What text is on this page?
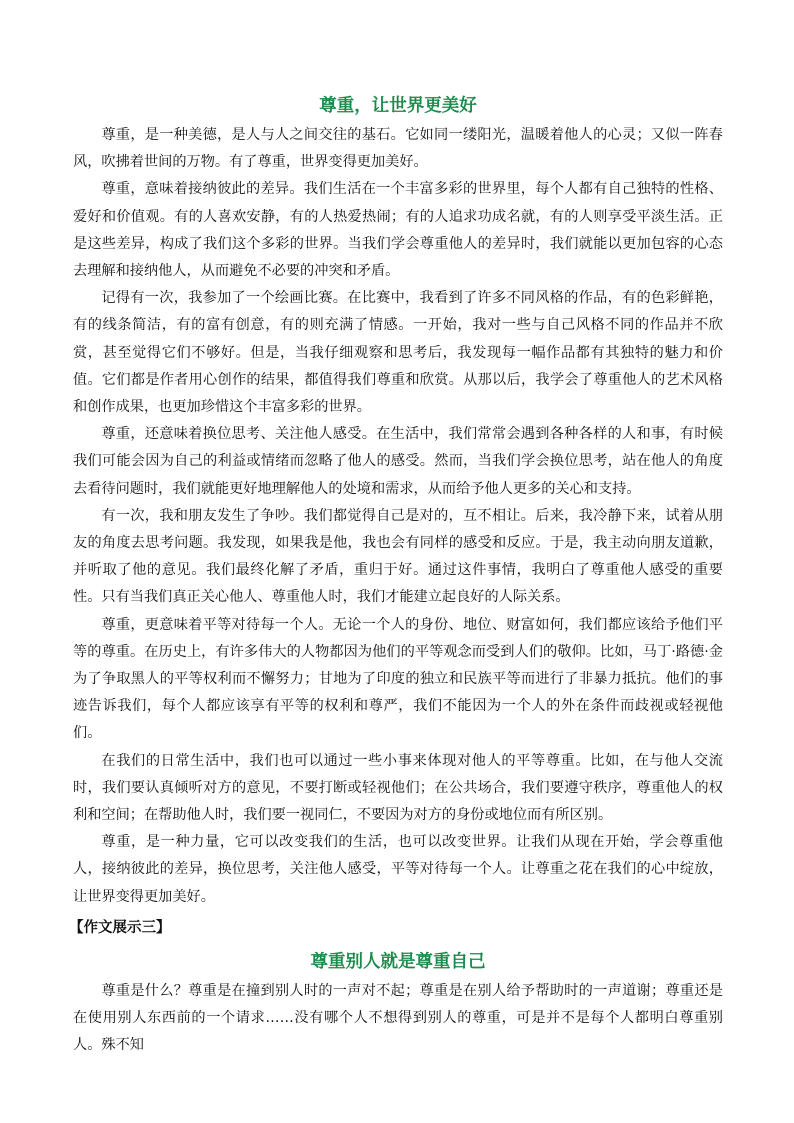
尊重，让世界更美好

尊重，是一种美德，是人与人之间交往的基石。它如同一缕阳光，温暖着他人的心灵；又似一阵春风，吹拂着世间的万物。有了尊重，世界变得更加美好。

尊重，意味着接纳彼此的差异。我们生活在一个丰富多彩的世界里，每个人都有自己独特的性格、爱好和价值观。有的人喜欢安静，有的人热爱热闹；有的人追求功成名就，有的人则享受平淡生活。正是这些差异，构成了我们这个多彩的世界。当我们学会尊重他人的差异时，我们就能以更加包容的心态去理解和接纳他人，从而避免不必要的冲突和矛盾。

记得有一次，我参加了一个绘画比赛。在比赛中，我看到了许多不同风格的作品，有的色彩鲜艳，有的线条简洁，有的富有创意，有的则充满了情感。一开始，我对一些与自己风格不同的作品并不欣赏，甚至觉得它们不够好。但是，当我仔细观察和思考后，我发现每一幅作品都有其独特的魅力和价值。它们都是作者用心创作的结果，都值得我们尊重和欣赏。从那以后，我学会了尊重他人的艺术风格和创作成果，也更加珍惜这个丰富多彩的世界。

尊重，还意味着换位思考、关注他人感受。在生活中，我们常常会遇到各种各样的人和事，有时候我们可能会因为自己的利益或情绪而忽略了他人的感受。然而，当我们学会换位思考，站在他人的角度去看待问题时，我们就能更好地理解他人的处境和需求，从而给予他人更多的关心和支持。

有一次，我和朋友发生了争吵。我们都觉得自己是对的，互不相让。后来，我冷静下来，试着从朋友的角度去思考问题。我发现，如果我是他，我也会有同样的感受和反应。于是，我主动向朋友道歉，并听取了他的意见。我们最终化解了矛盾，重归于好。通过这件事情，我明白了尊重他人感受的重要性。只有当我们真正关心他人、尊重他人时，我们才能建立起良好的人际关系。

尊重，更意味着平等对待每一个人。无论一个人的身份、地位、财富如何，我们都应该给予他们平等的尊重。在历史上，有许多伟大的人物都因为他们的平等观念而受到人们的敬仰。比如，马丁·路德·金为了争取黑人的平等权利而不懈努力；甘地为了印度的独立和民族平等而进行了非暴力抵抗。他们的事迹告诉我们，每个人都应该享有平等的权利和尊严，我们不能因为一个人的外在条件而歧视或轻视他们。

在我们的日常生活中，我们也可以通过一些小事来体现对他人的平等尊重。比如，在与他人交流时，我们要认真倾听对方的意见，不要打断或轻视他们；在公共场合，我们要遵守秩序，尊重他人的权利和空间；在帮助他人时，我们要一视同仁，不要因为对方的身份或地位而有所区别。

尊重，是一种力量，它可以改变我们的生活，也可以改变世界。让我们从现在开始，学会尊重他人，接纳彼此的差异，换位思考，关注他人感受，平等对待每一个人。让尊重之花在我们的心中绽放，让世界变得更加美好。

【作文展示三】
尊重别人就是尊重自己

尊重是什么？尊重是在撞到别人时的一声对不起；尊重是在别人给予帮助时的一声道谢；尊重还是在使用别人东西前的一个请求……没有哪个人不想得到别人的尊重，可是并不是每个人都明白尊重别人。殊不知
